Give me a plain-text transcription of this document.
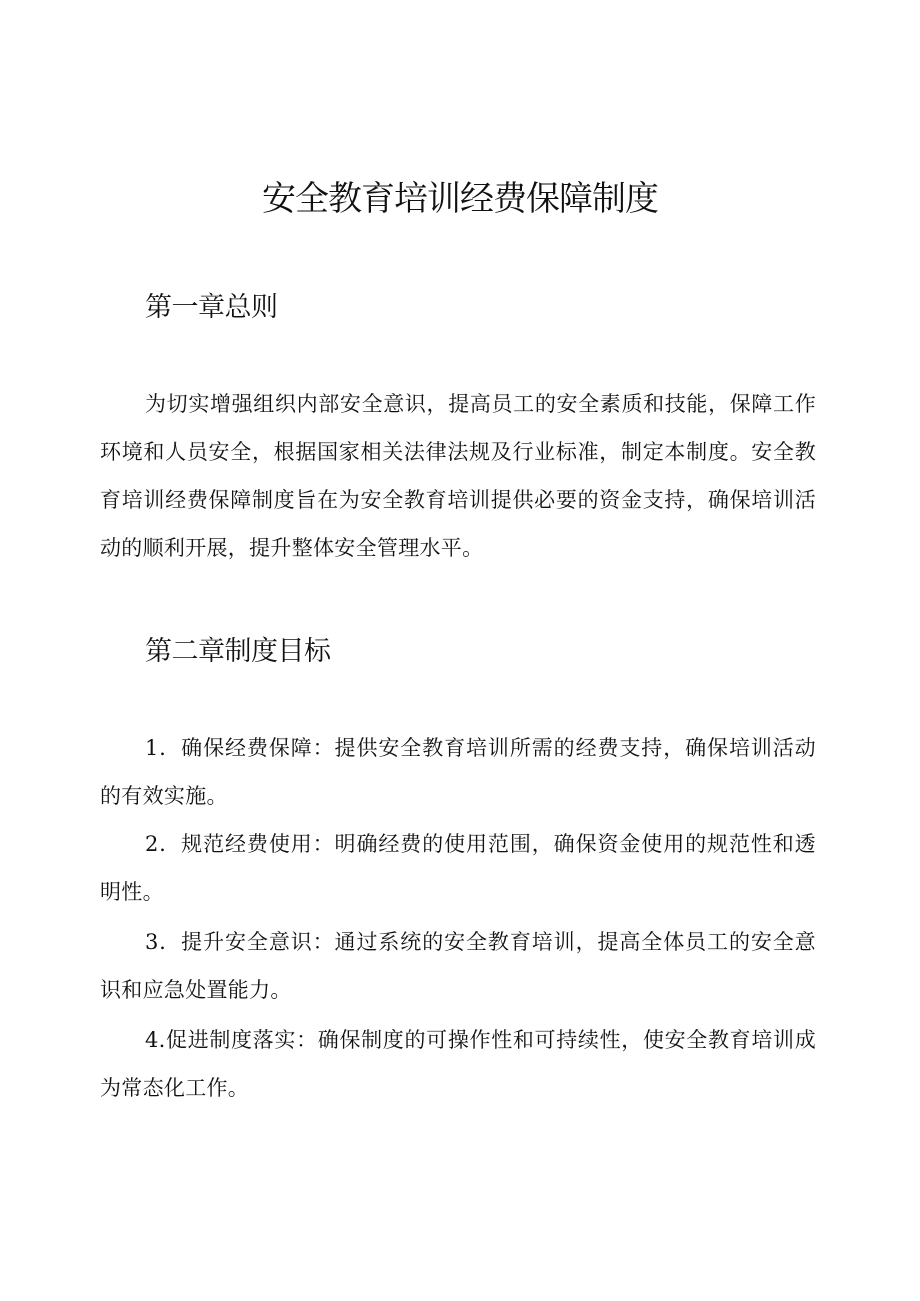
安全教育培训经费保障制度
第一章总则

为切实增强组织内部安全意识，提高员工的安全素质和技能，保障工作环境和人员安全，根据国家相关法律法规及行业标准，制定本制度。安全教育培训经费保障制度旨在为安全教育培训提供必要的资金支持，确保培训活动的顺利开展，提升整体安全管理水平。

第二章制度目标

1．确保经费保障：提供安全教育培训所需的经费支持，确保培训活动的有效实施。

2．规范经费使用：明确经费的使用范围，确保资金使用的规范性和透明性。

3．提升安全意识：通过系统的安全教育培训，提高全体员工的安全意识和应急处置能力。

4.促进制度落实：确保制度的可操作性和可持续性，使安全教育培训成为常态化工作。
